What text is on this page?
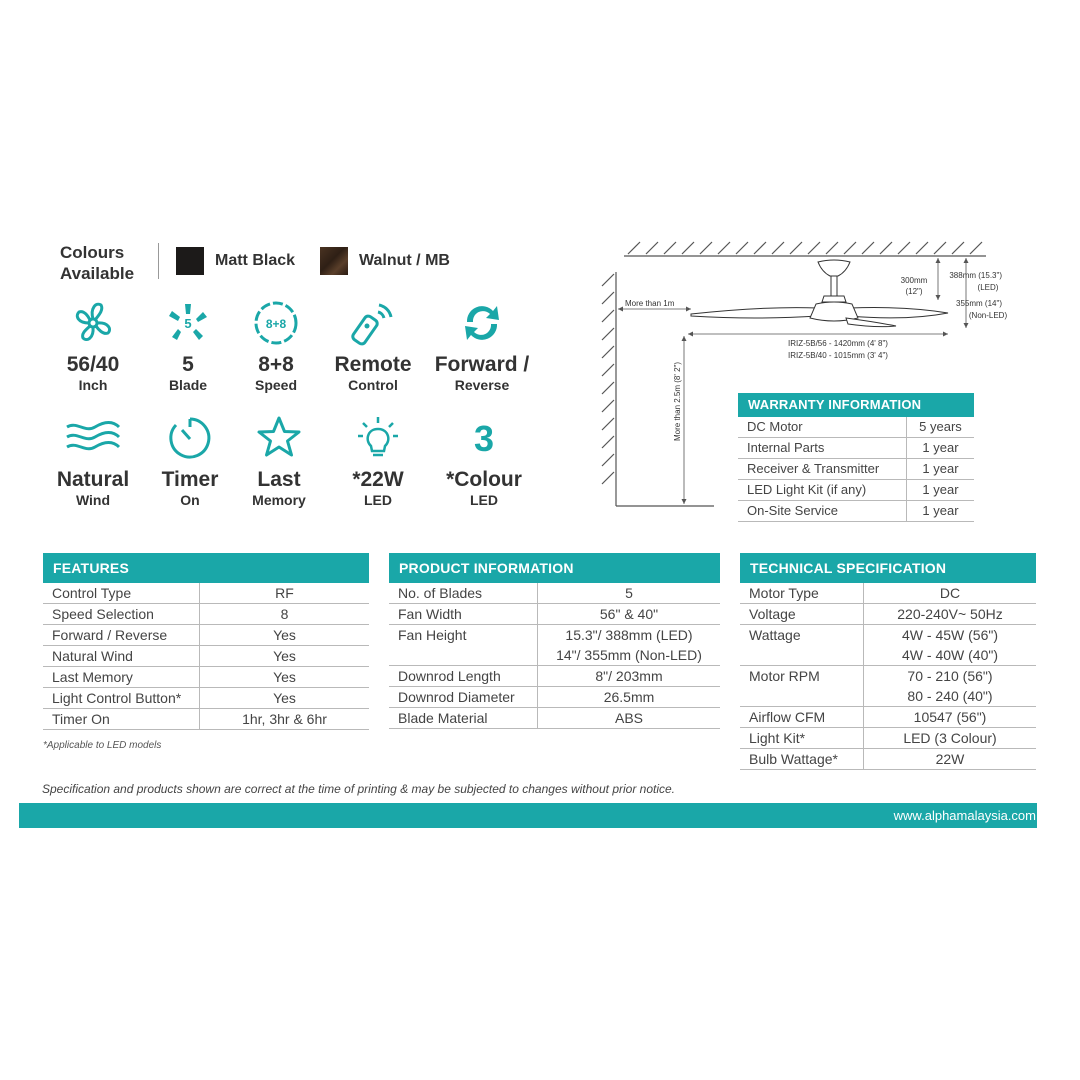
Colours
Available
Matt Black	Walnut / MB
56/40
Inch
5
5
Blade
8+8
8+8
Speed
Remote
Control
Forward /
Reverse
Natural
Wind
Timer
On
Last
Memory
*22W
LED
3
*Colour
LED
More than 1m
More than 2.5m (8' 2")
300mm
(12")
388mm (15.3")
(LED)
355mm (14")
(Non-LED)
IRIZ-5B/56 - 1420mm (4' 8")
IRIZ-5B/40 - 1015mm (3' 4")
WARRANTY INFORMATION
DC Motor	5 years
Internal Parts	1 year
Receiver & Transmitter	1 year
LED Light Kit (if any)	1 year
On-Site Service	1 year
FEATURES
Control Type	RF
Speed Selection	8
Forward / Reverse	Yes
Natural Wind	Yes
Last Memory	Yes
Light Control Button*	Yes
Timer On	1hr, 3hr & 6hr
*Applicable to LED models
PRODUCT INFORMATION
No. of Blades	5
Fan Width	56" & 40"
Fan Height	15.3"/ 388mm (LED)
14"/ 355mm (Non-LED)

Downrod Length	8"/ 203mm
Downrod Diameter	26.5mm
Blade Material	ABS
TECHNICAL SPECIFICATION
Motor Type	DC
Voltage	220-240V~ 50Hz
Wattage	4W - 45W (56")
4W - 40W (40")

Motor RPM	70 - 210 (56")
80 - 240 (40")

Airflow CFM	10547 (56")
Light Kit*	LED (3 Colour)
Bulb Wattage*	22W
Specification and products shown are correct at the time of printing & may be subjected to changes without prior notice.
www.alphamalaysia.com
